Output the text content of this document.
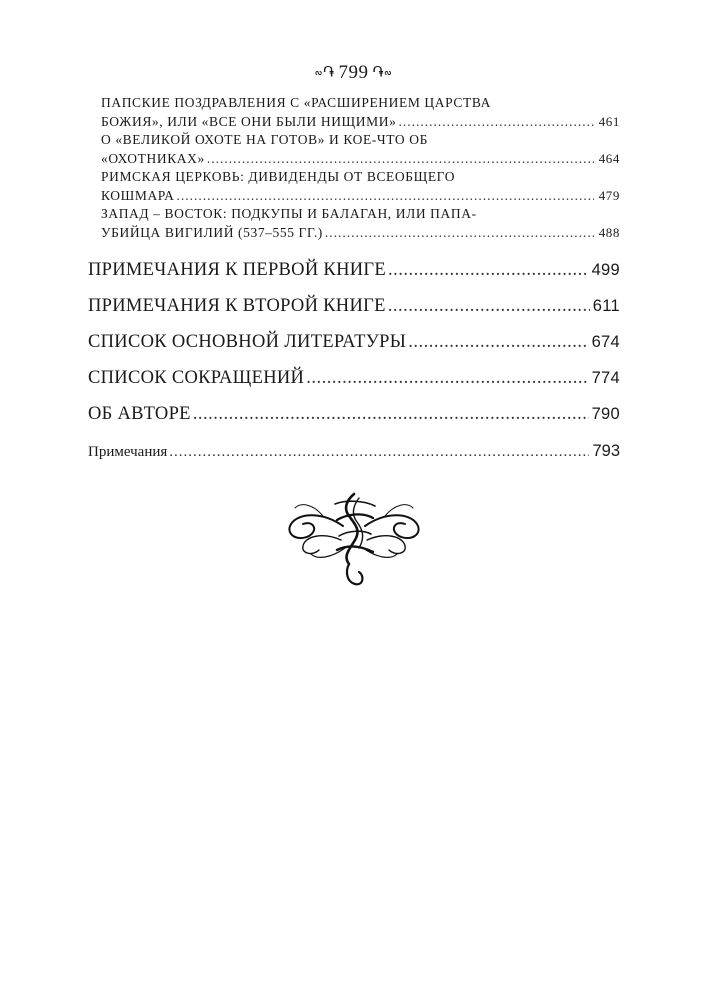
∾֏ 799 ֏∾
ПАПСКИЕ ПОЗДРАВЛЕНИЯ С «РАСШИРЕНИЕМ ЦАРСТВА
БОЖИЯ», ИЛИ «ВСЕ ОНИ БЫЛИ НИЩИМИ» .....	461
О «ВЕЛИКОЙ ОХОТЕ НА ГОТОВ» И КОЕ-ЧТО ОБ
«ОХОТНИКАХ» .....	464
РИМСКАЯ ЦЕРКОВЬ: ДИВИДЕНДЫ ОТ ВСЕОБЩЕГО
КОШМАРА .....	479
ЗАПАД – ВОСТОК: ПОДКУПЫ И БАЛАГАН, ИЛИ ПАПА-
УБИЙЦА ВИГИЛИЙ (537–555 ГГ.) .....	488
ПРИМЕЧАНИЯ К ПЕРВОЙ КНИГЕ .....	499
ПРИМЕЧАНИЯ К ВТОРОЙ КНИГЕ .....	611
СПИСОК ОСНОВНОЙ ЛИТЕРАТУРЫ .....	674
СПИСОК СОКРАЩЕНИЙ .....	774
ОБ АВТОРЕ .....	790
Примечания .....	793
